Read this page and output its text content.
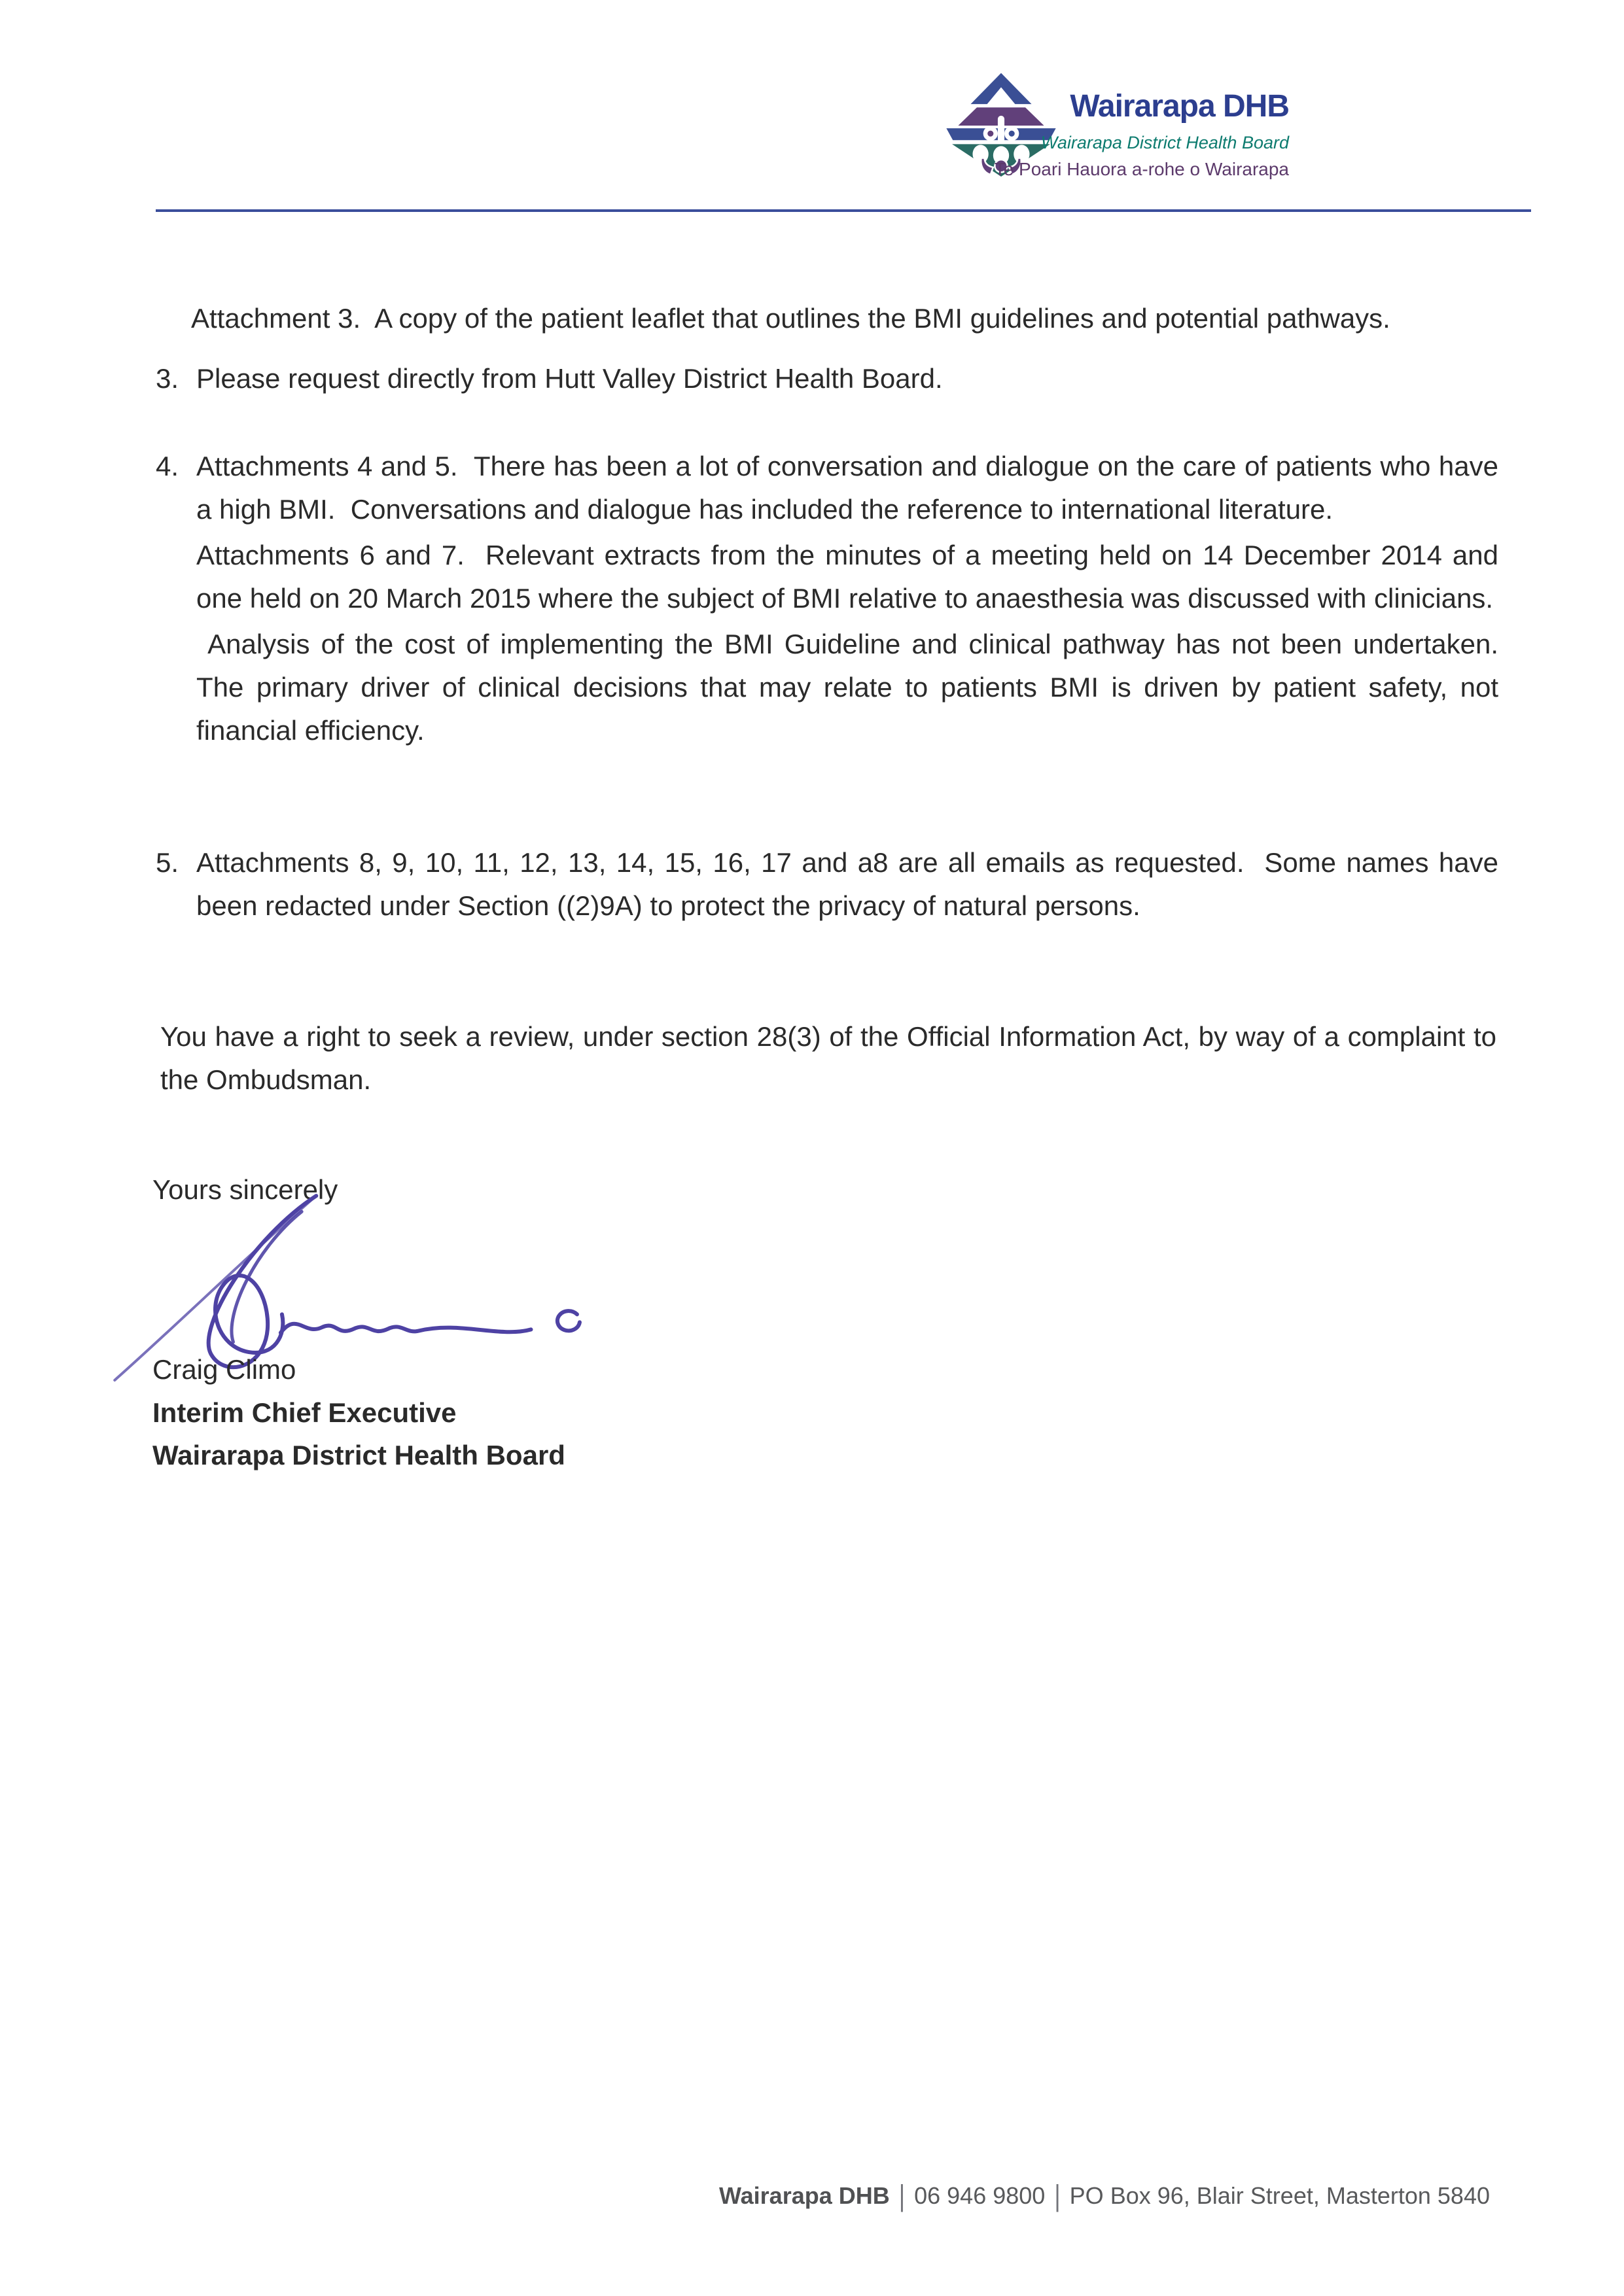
Wairarapa DHB
Wairarapa District Health Board
Te Poari Hauora a-rohe o Wairarapa

Attachment 3.  A copy of the patient leaflet that outlines the BMI guidelines and potential pathways.

3. Please request directly from Hutt Valley District Health Board.

4. Attachments 4 and 5.  There has been a lot of conversation and dialogue on the care of patients who have a high BMI.  Conversations and dialogue has included the reference to international literature.

Attachments 6 and 7.  Relevant extracts from the minutes of a meeting held on 14 December 2014 and one held on 20 March 2015 where the subject of BMI relative to anaesthesia was discussed with clinicians.

Analysis of the cost of implementing the BMI Guideline and clinical pathway has not been undertaken.  The primary driver of clinical decisions that may relate to patients BMI is driven by patient safety, not financial efficiency.

5. Attachments 8, 9, 10, 11, 12, 13, 14, 15, 16, 17 and a8 are all emails as requested.  Some names have been redacted under Section ((2)9A) to protect the privacy of natural persons.

You have a right to seek a review, under section 28(3) of the Official Information Act, by way of a complaint to the Ombudsman.

Yours sincerely

Craig Climo

Interim Chief Executive

Wairarapa District Health Board

Wairarapa DHB | 06 946 9800 | PO Box 96, Blair Street, Masterton 5840
